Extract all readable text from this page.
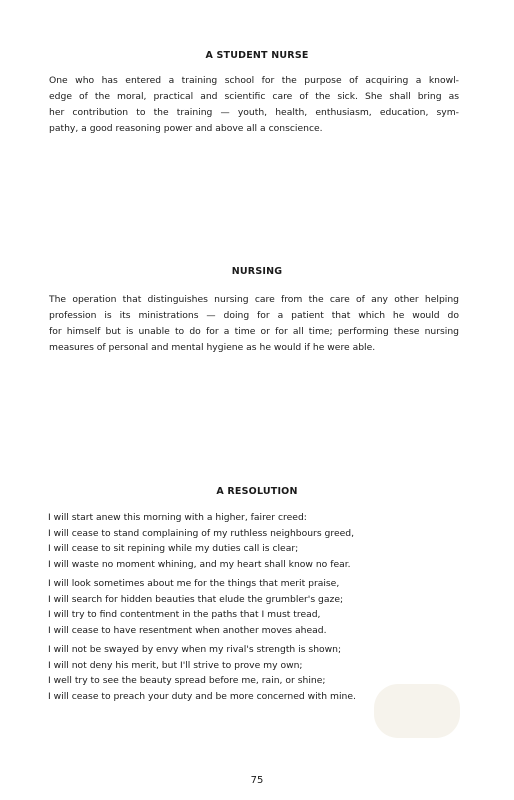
A STUDENT NURSE
One who has entered a training school for the purpose of acquiring a knowl-
edge of the moral, practical and scientific care of the sick. She shall bring as
her contribution to the training — youth, health, enthusiasm, education, sym-
pathy, a good reasoning power and above all a conscience.
NURSING
The operation that distinguishes nursing care from the care of any other helping
profession is its ministrations — doing for a patient that which he would do
for himself but is unable to do for a time or for all time; performing these nursing
measures of personal and mental hygiene as he would if he were able.
A RESOLUTION
I will start anew this morning with a higher, fairer creed:
I will cease to stand complaining of my ruthless neighbours greed,
I will cease to sit repining while my duties call is clear;
I will waste no moment whining, and my heart shall know no fear.
I will look sometimes about me for the things that merit praise,
I will search for hidden beauties that elude the grumbler's gaze;
I will try to find contentment in the paths that I must tread,
I will cease to have resentment when another moves ahead.
I will not be swayed by envy when my rival's strength is shown;
I will not deny his merit, but I'll strive to prove my own;
I well try to see the beauty spread before me, rain, or shine;
I will cease to preach your duty and be more concerned with mine.
75
